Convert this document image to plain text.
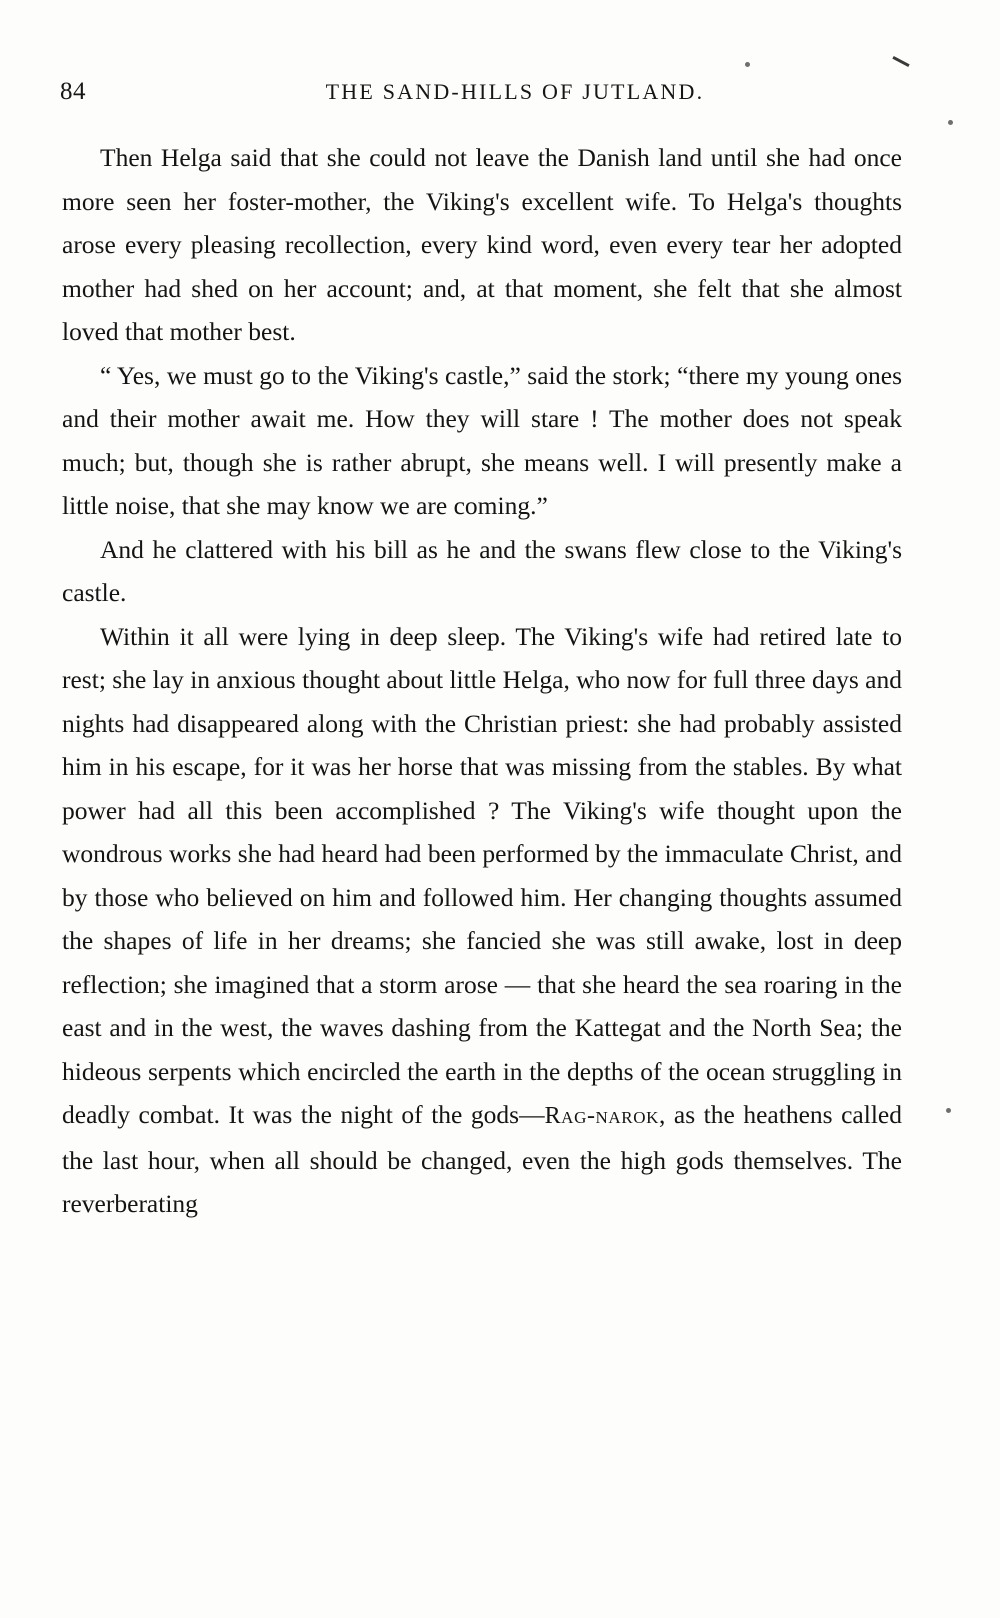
84	THE SAND-HILLS OF JUTLAND.

Then Helga said that she could not leave the Danish land until she had once more seen her foster-mother, the Viking's excellent wife. To Helga's thoughts arose every pleasing recollection, every kind word, even every tear her adopted mother had shed on her account; and, at that moment, she felt that she almost loved that mother best.

“ Yes, we must go to the Viking's castle,” said the stork; “there my young ones and their mother await me. How they will stare ! The mother does not speak much; but, though she is rather abrupt, she means well. I will presently make a little noise, that she may know we are coming.”

And he clattered with his bill as he and the swans flew close to the Viking's castle.

Within it all were lying in deep sleep. The Viking's wife had retired late to rest; she lay in anxious thought about little Helga, who now for full three days and nights had disappeared along with the Christian priest: she had probably assisted him in his escape, for it was her horse that was missing from the stables. By what power had all this been accomplished ? The Viking's wife thought upon the wondrous works she had heard had been performed by the immaculate Christ, and by those who believed on him and followed him. Her changing thoughts assumed the shapes of life in her dreams; she fancied she was still awake, lost in deep reflection; she imagined that a storm arose — that she heard the sea roaring in the east and in the west, the waves dashing from the Kattegat and the North Sea; the hideous serpents which encircled the earth in the depths of the ocean struggling in deadly combat. It was the night of the gods—Rag-narok, as the heathens called the last hour, when all should be changed, even the high gods themselves. The reverberating
